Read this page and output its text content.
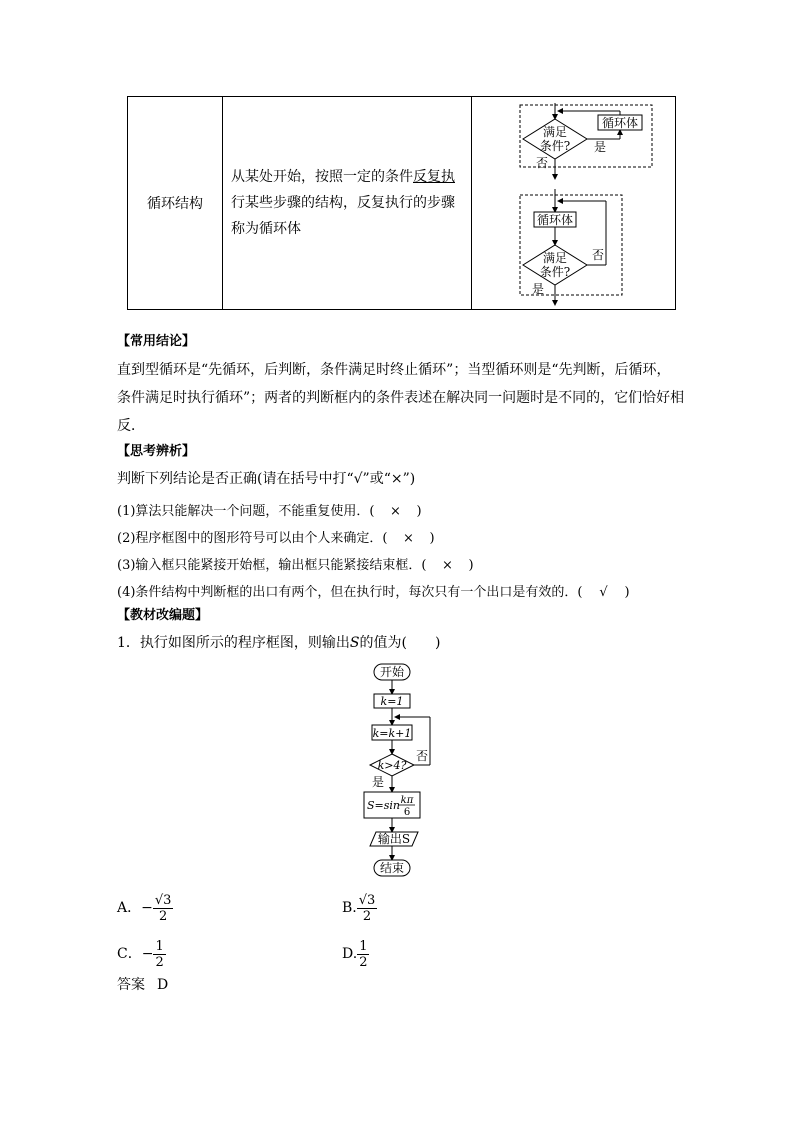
循环结构	
从某处开始，按照一定的条件反复执
行某些步骤的结构，反复执行的步骤
称为循环体

满足
条件?
循环体
是
否
循环体
满足
条件?
否
是
【常用结论】
直到型循环是“先循环，后判断，条件满足时终止循环”；当型循环则是“先判断，后循环，
条件满足时执行循环”；两者的判断框内的条件表述在解决同一问题时是不同的，它们恰好相
反．
【思考辨析】
判断下列结论是否正确(请在括号中打“√”或“×”)
(1)算法只能解决一个问题，不能重复使用．( × )
(2)程序框图中的图形符号可以由个人来确定．( × )
(3)输入框只能紧接开始框，输出框只能紧接结束框．( × )
(4)条件结构中判断框的出口有两个，但在执行时，每次只有一个出口是有效的．( √ )
【教材改编题】
1．执行如图所示的程序框图，则输出S的值为(　　)
开始
k=1
k=k+1
k>4?
否
是
S=sin kπ
6
输出S
结束
A．− $\frac{√3}{2}$	B. $\frac{√3}{2}$
C．− $\frac{1}{2}$	D. $\frac{1}{2}$
答案 D
